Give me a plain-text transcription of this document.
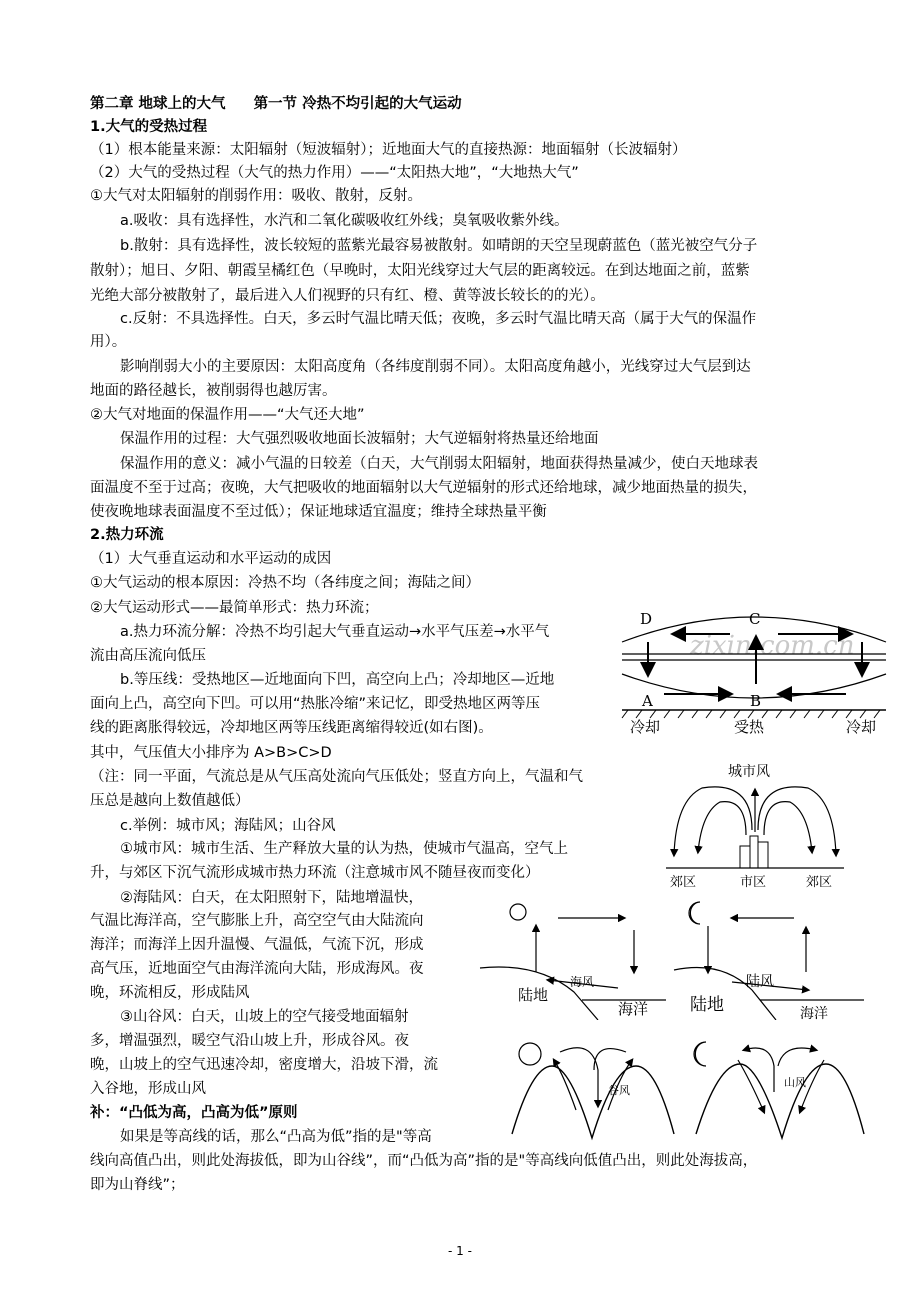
第二章 地球上的大气 第一节 冷热不均引起的大气运动
1.大气的受热过程
（1）根本能量来源：太阳辐射（短波辐射）；近地面大气的直接热源：地面辐射（长波辐射）
（2）大气的受热过程（大气的热力作用）——“太阳热大地”，“大地热大气”
①大气对太阳辐射的削弱作用：吸收、散射，反射。
a.吸收：具有选择性，水汽和二氧化碳吸收红外线；臭氧吸收紫外线。
b.散射：具有选择性，波长较短的蓝紫光最容易被散射。如晴朗的天空呈现蔚蓝色（蓝光被空气分子
散射）；旭日、夕阳、朝霞呈橘红色（早晚时，太阳光线穿过大气层的距离较远。在到达地面之前，蓝紫
光绝大部分被散射了，最后进入人们视野的只有红、橙、黄等波长较长的的光）。
c.反射：不具选择性。白天，多云时气温比晴天低；夜晚，多云时气温比晴天高（属于大气的保温作
用）。
影响削弱大小的主要原因：太阳高度角（各纬度削弱不同）。太阳高度角越小，光线穿过大气层到达
地面的路径越长，被削弱得也越厉害。
②大气对地面的保温作用——“大气还大地”
保温作用的过程：大气强烈吸收地面长波辐射；大气逆辐射将热量还给地面
保温作用的意义：减小气温的日较差（白天，大气削弱太阳辐射，地面获得热量减少，使白天地球表
面温度不至于过高；夜晚，大气把吸收的地面辐射以大气逆辐射的形式还给地球，减少地面热量的损失，
使夜晚地球表面温度不至过低）；保证地球适宜温度；维持全球热量平衡
2.热力环流
（1）大气垂直运动和水平运动的成因
①大气运动的根本原因：冷热不均（各纬度之间；海陆之间）
②大气运动形式——最简单形式：热力环流；
a.热力环流分解：冷热不均引起大气垂直运动→水平气压差→水平气
流由高压流向低压
b.等压线：受热地区—近地面向下凹，高空向上凸；冷却地区—近地
面向上凸，高空向下凹。可以用“热胀冷缩”来记忆，即受热地区两等压
线的距离胀得较远，冷却地区两等压线距离缩得较近(如右图)。
其中，气压值大小排序为 A>B>C>D
（注：同一平面，气流总是从气压高处流向气压低处；竖直方向上，气温和气
压总是越向上数值越低）
c.举例：城市风；海陆风；山谷风
①城市风：城市生活、生产释放大量的认为热，使城市气温高，空气上
升，与郊区下沉气流形成城市热力环流（注意城市风不随昼夜而变化）
②海陆风：白天，在太阳照射下，陆地增温快，
气温比海洋高，空气膨胀上升，高空空气由大陆流向
海洋；而海洋上因升温慢、气温低，气流下沉，形成
高气压，近地面空气由海洋流向大陆，形成海风。夜
晚，环流相反，形成陆风
③山谷风：白天，山坡上的空气接受地面辐射
多，增温强烈，暖空气沿山坡上升，形成谷风。夜
晚，山坡上的空气迅速冷却，密度增大，沿坡下滑，流
入谷地，形成山风
补：“凸低为高，凸高为低”原则
如果是等高线的话，那么“凸高为低”指的是"等高
线向高值凸出，则此处海拔低，即为山谷线”，而“凸低为高”指的是"等高线向低值凸出，则此处海拔高，
即为山脊线”；
zixin.com.cn
D	C
A	B
冷却	受热	冷却
城市风
郊区	市区	郊区
海风
陆地
海洋
陆风
陆地	海洋
谷风
山风
- 1 -
